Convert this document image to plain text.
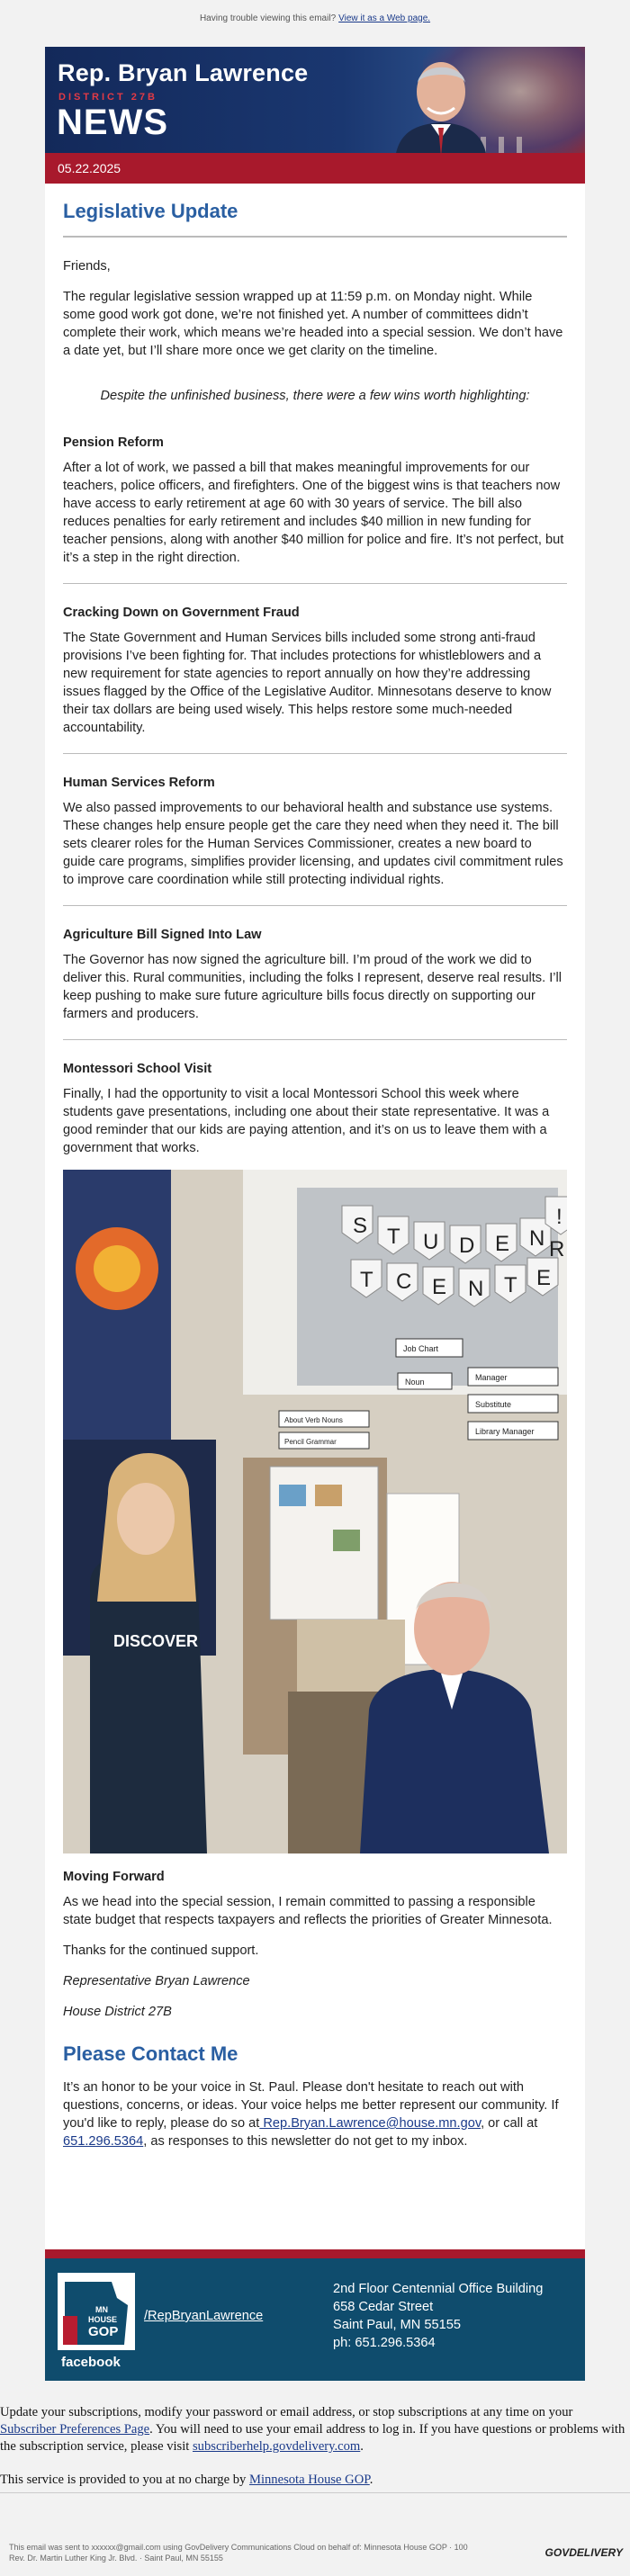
Having trouble viewing this email? View it as a Web page.
Rep. Bryan Lawrence
DISTRICT 27B
NEWS
05.22.2025
Legislative Update

Friends,

The regular legislative session wrapped up at 11:59 p.m. on Monday night. While some good work got done, we’re not finished yet. A number of committees didn’t complete their work, which means we’re headed into a special session. We don’t have a date yet, but I’ll share more once we get clarity on the timeline.

Despite the unfinished business, there were a few wins worth highlighting:

Pension Reform

After a lot of work, we passed a bill that makes meaningful improvements for our teachers, police officers, and firefighters. One of the biggest wins is that teachers now have access to early retirement at age 60 with 30 years of service. The bill also reduces penalties for early retirement and includes $40 million in new funding for teacher pensions, along with another $40 million for police and fire. It’s not perfect, but it’s a step in the right direction.

Cracking Down on Government Fraud

The State Government and Human Services bills included some strong anti-fraud provisions I’ve been fighting for. That includes protections for whistleblowers and a new requirement for state agencies to report annually on how they’re addressing issues flagged by the Office of the Legislative Auditor. Minnesotans deserve to know their tax dollars are being used wisely. This helps restore some much-needed accountability.

Human Services Reform

We also passed improvements to our behavioral health and substance use systems. These changes help ensure people get the care they need when they need it. The bill sets clearer roles for the Human Services Commissioner, creates a new board to guide care programs, simplifies provider licensing, and updates civil commitment rules to improve care coordination while still protecting individual rights.

Agriculture Bill Signed Into Law

The Governor has now signed the agriculture bill. I’m proud of the work we did to deliver this. Rural communities, including the folks I represent, deserve real results. I’ll keep pushing to make sure future agriculture bills focus directly on supporting our farmers and producers.

Montessori School Visit

Finally, I had the opportunity to visit a local Montessori School this week where students gave presentations, including one about their state representative. It was a good reminder that our kids are paying attention, and it’s on us to leave them with a government that works.

S T U D E N
T C E N T E
R
!
Job Chart
Manager
Substitute
Library Manager
Noun
About Verb Nouns
Pencil Grammar
DISCOVER
Moving Forward

As we head into the special session, I remain committed to passing a responsible state budget that respects taxpayers and reflects the priorities of Greater Minnesota.

Thanks for the continued support.

Representative Bryan Lawrence

House District 27B

Please Contact Me

It’s an honor to be your voice in St. Paul. Please don't hesitate to reach out with questions, concerns, or ideas. Your voice helps me better represent our community. If you'd like to reply, please do so at Rep.Bryan.Lawrence@house.mn.gov, or call at 651.296.5364, as responses to this newsletter do not get to my inbox.

MN
HOUSE
GOP
facebook
/RepBryanLawrence
2nd Floor Centennial Office Building
658 Cedar Street
Saint Paul, MN 55155
ph: 651.296.5364
Update your subscriptions, modify your password or email address, or stop subscriptions at any time on your Subscriber Preferences Page. You will need to use your email address to log in. If you have questions or problems with the subscription service, please visit subscriberhelp.govdelivery.com.
This service is provided to you at no charge by Minnesota House GOP.
This email was sent to xxxxxx@gmail.com using GovDelivery Communications Cloud on behalf of: Minnesota House GOP · 100
Rev. Dr. Martin Luther King Jr. Blvd. · Saint Paul, MN 55155	GOVDELIVERY
